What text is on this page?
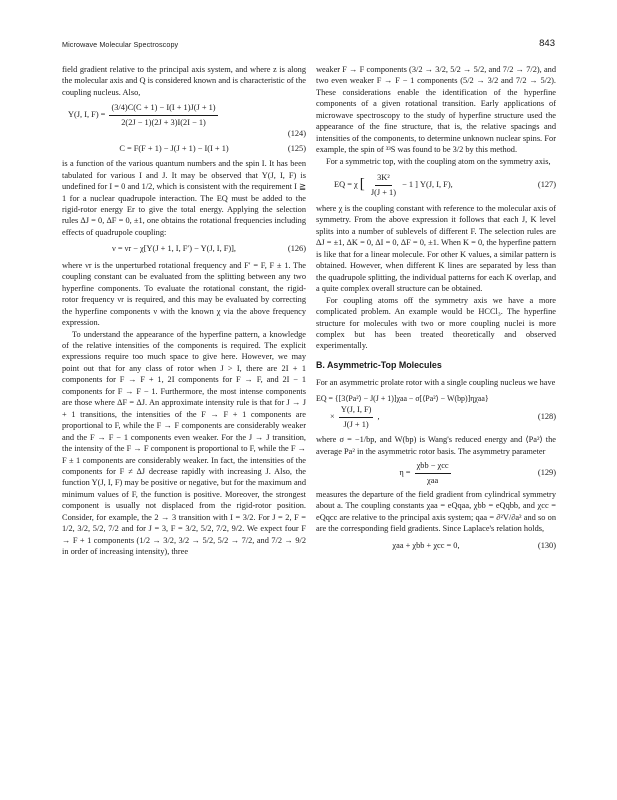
Microwave Molecular Spectroscopy	843

field gradient relative to the principal axis system, and where z is along the molecular axis and Q is considered known and is characteristic of the coupling nucleus. Also,

Y(J, I, $F) = \frac{(3/4)C(C + 1) - I(I + 1)J(J + 1)}{2(2J - 1)(2J + 3)I(2I - 1)}$

(124)

C = F(F + 1) − J(J + 1) − I(I + 1)	(125)

is a function of the various quantum numbers and the spin I. It has been tabulated for various I and J. It may be observed that Y(J, I, F) is undefined for I = 0 and 1/2, which is consistent with the requirement I ≧ 1 for a nuclear quadrupole interaction. The EQ must be added to the rigid-rotor energy Er to give the total energy. Applying the selection rules ΔJ = 0, ΔF = 0, ±1, one obtains the rotational frequencies including effects of quadrupole coupling:

ν = νr − χ[Y(J + 1, I, F′) − Y(J, I, F)],	(126)

where νr is the unperturbed rotational frequency and F′ = F, F ± 1. The coupling constant can be evaluated from the splitting between any two hyperfine components. To evaluate the rotational constant, the rigid-rotor frequency νr is required, and this may be evaluated by correcting the hyperfine components ν with the known χ via the above frequency expression.

To understand the appearance of the hyperfine pattern, a knowledge of the relative intensities of the components is required. The explicit expressions require too much space to give here. However, we may point out that for any class of rotor when J > I, there are 2I + 1 components for F → F + 1, 2I components for F → F, and 2I − 1 components for F → F − 1. Furthermore, the most intense components are those where ΔF = ΔJ. An approximate intensity rule is that for J → J + 1 transitions, the intensities of the F → F + 1 components are proportional to F, while the F → F components are considerably weaker and the F → F − 1 components even weaker. For the J → J transition, the intensity of the F → F component is proportional to F, while the F → F ± 1 components are considerably weaker. In fact, the intensities of the components for F ≠ ΔJ decrease rapidly with increasing J. Also, the function Y(J, I, F) may be positive or negative, but for the maximum and minimum values of F, the function is positive. Moreover, the strongest component is usually not displaced from the rigid-rotor position. Consider, for example, the 2 → 3 transition with I = 3/2. For J = 2, F = 1/2, 3/2, 5/2, 7/2 and for J = 3, F = 3/2, 5/2, 7/2, 9/2. We expect four F → F + 1 components (1/2 → 3/2, 3/2 → 5/2, 5/2 → 7/2, and 7/2 → 9/2 in order of increasing intensity), three

weaker F → F components (3/2 → 3/2, 5/2 → 5/2, and 7/2 → 7/2), and two even weaker F → F − 1 components (5/2 → 3/2 and 7/2 → 5/2). These considerations enable the identification of the hyperfine components of a given rotational transition. Early applications of microwave spectroscopy to the study of hyperfine structure used the appearance of the fine structure, that is, the relative spacings and intensities of the components, to determine unknown nuclear spins. For example, the spin of ³³S was found to be 3/2 by this method.

For a symmetric top, with the coupling atom on the symmetry axis,

EQ = χ [ $\frac{\text{3K²}}{J(J + 1)} - 1$ ] Y(J, I, F),	(127)

where χ is the coupling constant with reference to the molecular axis of symmetry. From the above expression it follows that each J, K level splits into a number of sublevels of different F. The selection rules are ΔJ = ±1, ΔK = 0, ΔI = 0, ΔF = 0, ±1. When K = 0, the hyperfine pattern is like that for a linear molecule. For other K values, a similar pattern is obtained. However, when different K lines are separated by less than the quadrupole splitting, the individual patterns for each K overlap, and a quite complex overall structure can be obtained.

For coupling atoms off the symmetry axis we have a more complicated problem. An example would be HCCl₃. The hyperfine structure for molecules with two or more coupling nuclei is more complex but has been treated theoretically and observed experimentally.

B. Asymmetric-Top Molecules

For an asymmetric prolate rotor with a single coupling nucleus we have

EQ = {[3⟨Pa²⟩ − J(J + 1)]χaa − σ[⟨Pa²⟩ − W(bp)]ηχaa}
× $\frac{Y(J, I, F)}{J(J + 1)}$ ,	(128)

where σ = −1/bp, and W(bp) is Wang's reduced energy and ⟨Pa²⟩ the average Pa² in the asymmetric rotor basis. The asymmetry parameter

$\eta = \frac{\text{χbb − χcc}}{\text{χaa}}$	(129)

measures the departure of the field gradient from cylindrical symmetry about a. The coupling constants χaa = eQqaa, χbb = eQqbb, and χcc = eQqcc are relative to the principal axis system; qaa = ∂²V/∂a² and so on are the corresponding field gradients. Since Laplace's relation holds,

χaa + χbb + χcc = 0,	(130)
